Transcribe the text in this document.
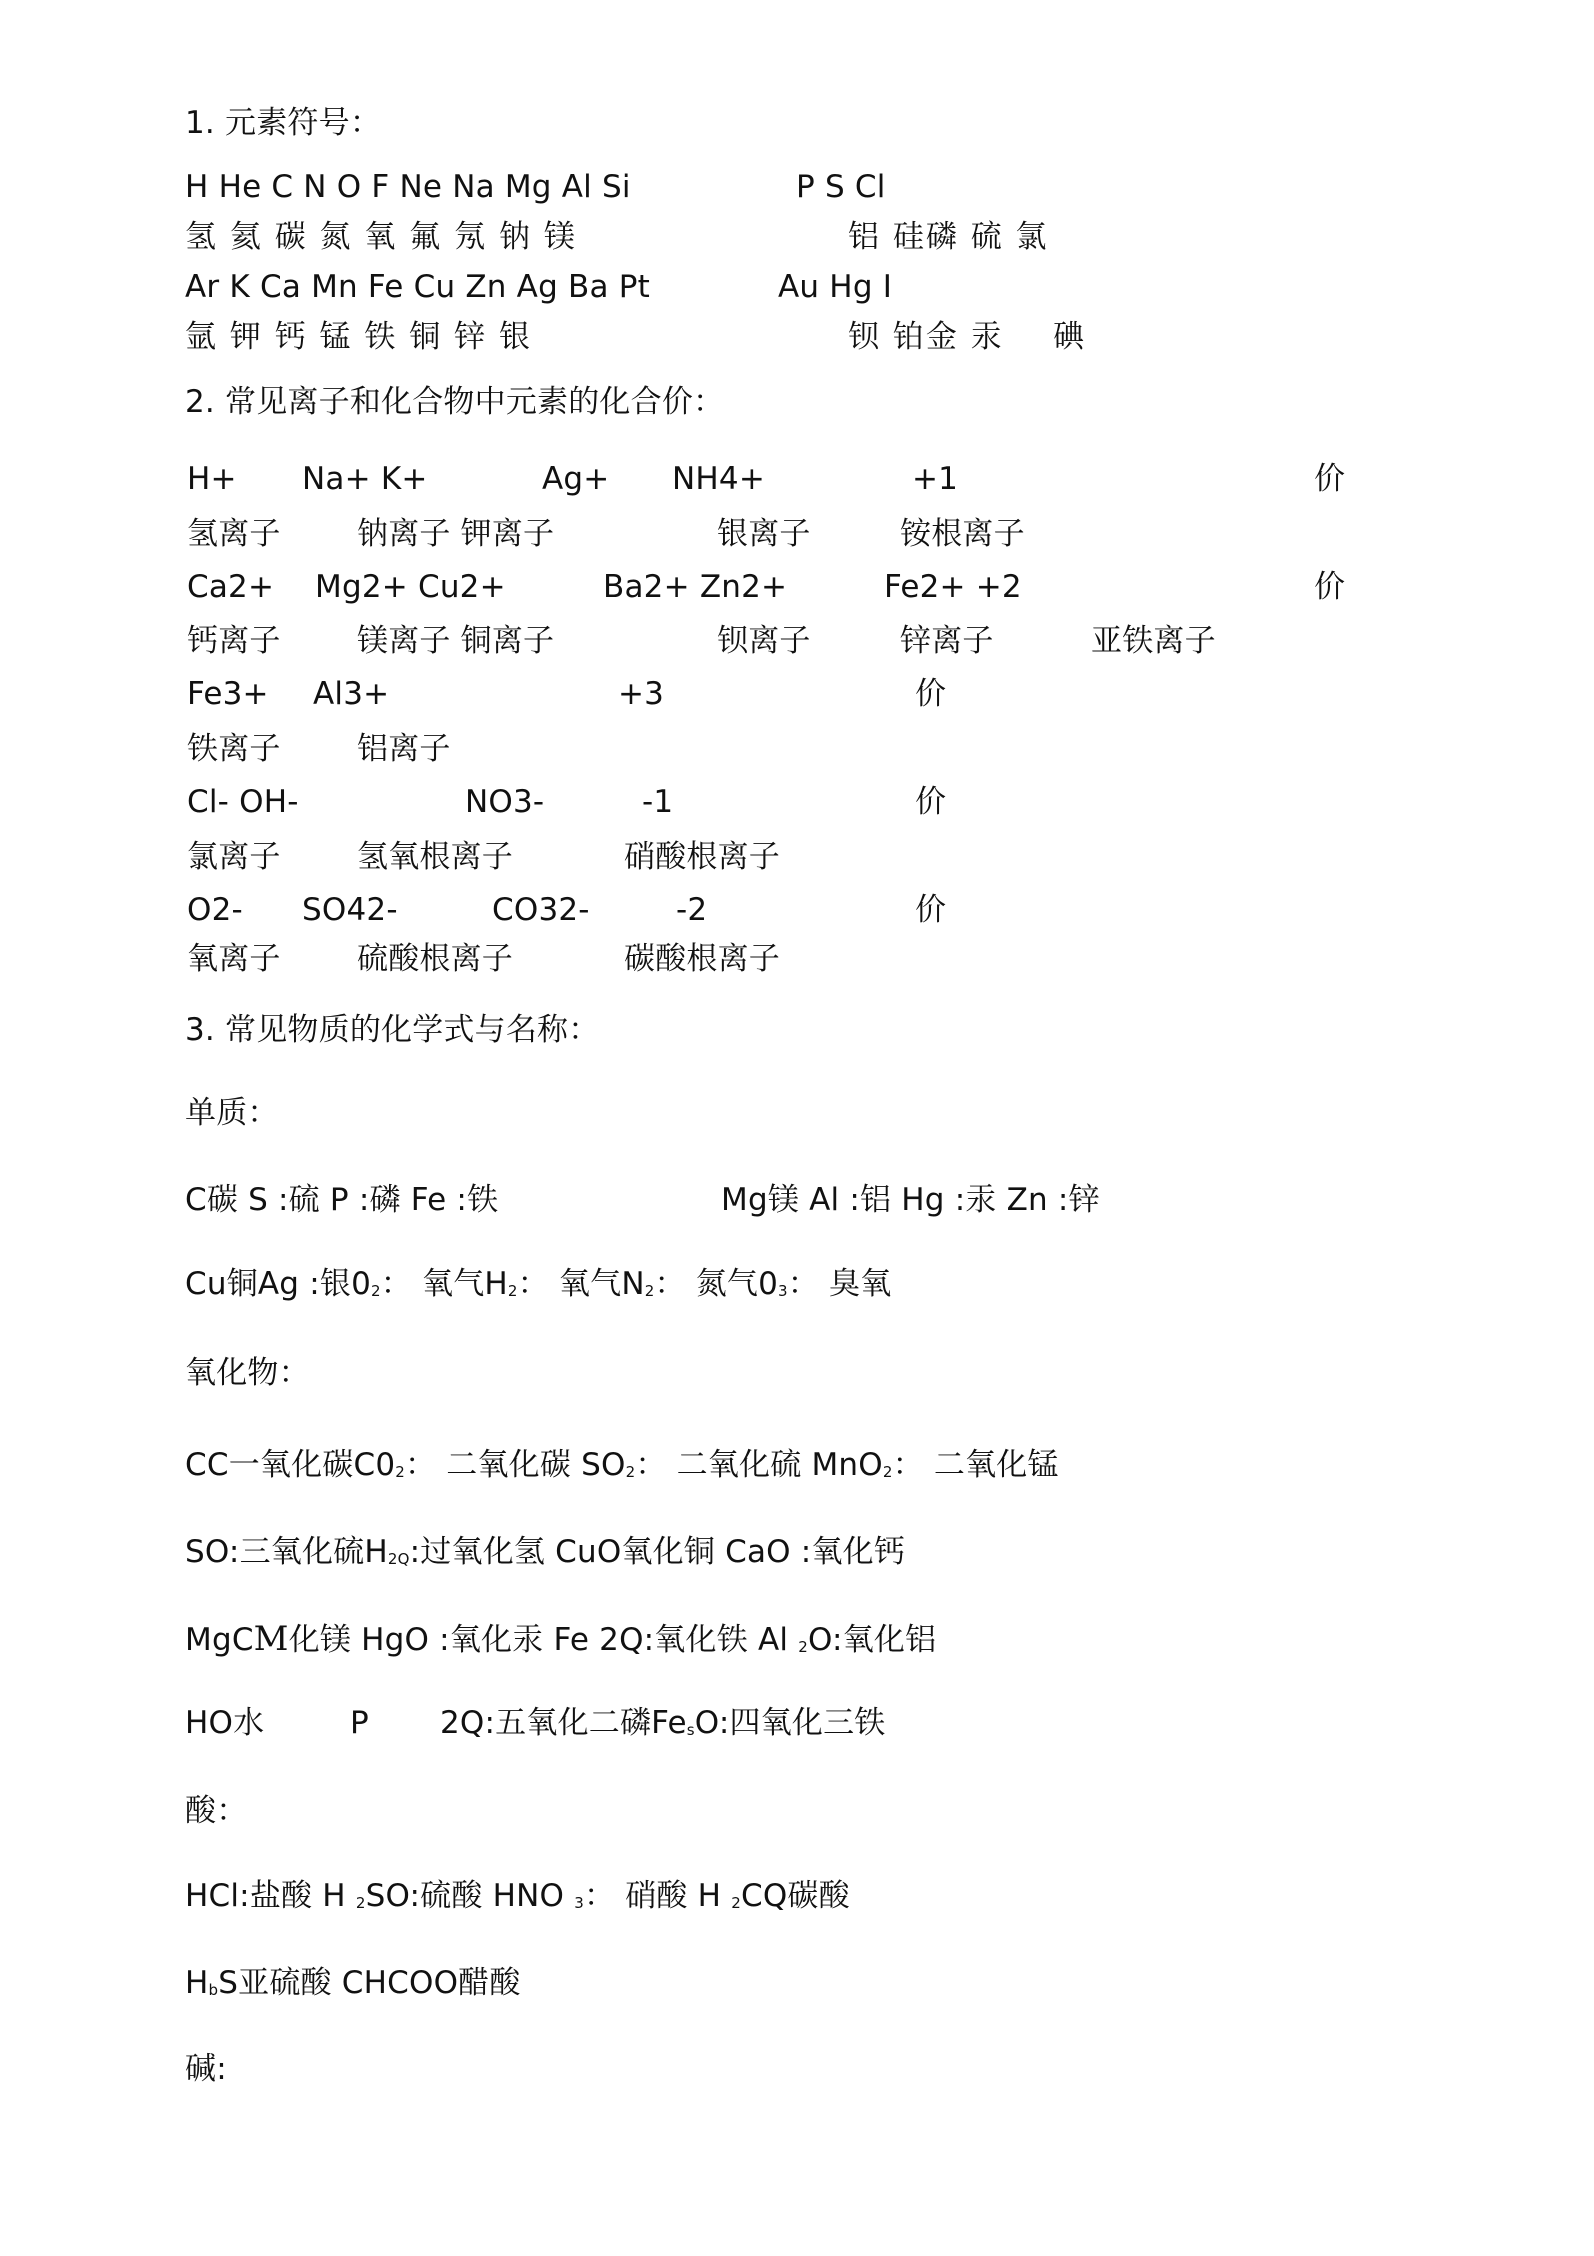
1. 元素符号：
H He C N O F Ne Na Mg Al Si	P S Cl
氢 氦 碳 氮 氧 氟 氖 钠 镁	铝 硅磷 硫 氯
Ar K Ca Mn Fe Cu Zn Ag Ba Pt	Au Hg I
氩 钾 钙 锰 铁 铜 锌 银	钡 铂金 汞 碘
2. 常见离子和化合物中元素的化合价：
H+ Na+ K+	Ag+ NH4+	+1	价
氢离子 钠离子 钾离子	银离子	铵根离子
Ca2+ Mg2+ Cu2+	Ba2+ Zn2+	Fe2+ +2	价
钙离子 镁离子 铜离子	钡离子	锌离子	亚铁离子
Fe3+ Al3+	+3	价
铁离子 铝离子
Cl- OH-	NO3-	-1	价
氯离子 氢氧根离子	硝酸根离子
O2- SO42-	CO32-	-2	价
氧离子 硫酸根离子	碳酸根离子
3. 常见物质的化学式与名称：
单质：
C碳 S :硫 P :磷 Fe :铁	Mg镁 Al :铝 Hg :汞 Zn :锌
Cu铜Ag :银02： 氧气H2： 氧气N2： 氮气03： 臭氧
氧化物：
CC一氧化碳C02： 二氧化碳 SO2： 二氧化硫 MnO2： 二氧化锰
SO:三氧化硫H2Q:过氧化氢 CuO氧化铜 CaO :氧化钙
MgCM化镁 HgO :氧化汞 Fe 2Q:氧化铁 Al 2O:氧化铝
HO水	P 2Q:五氧化二磷FesO:四氧化三铁
酸：
HCl:盐酸 H 2SO:硫酸 HNO 3： 硝酸 H 2CQ碳酸
HbS亚硫酸 CHCOO醋酸
碱:
